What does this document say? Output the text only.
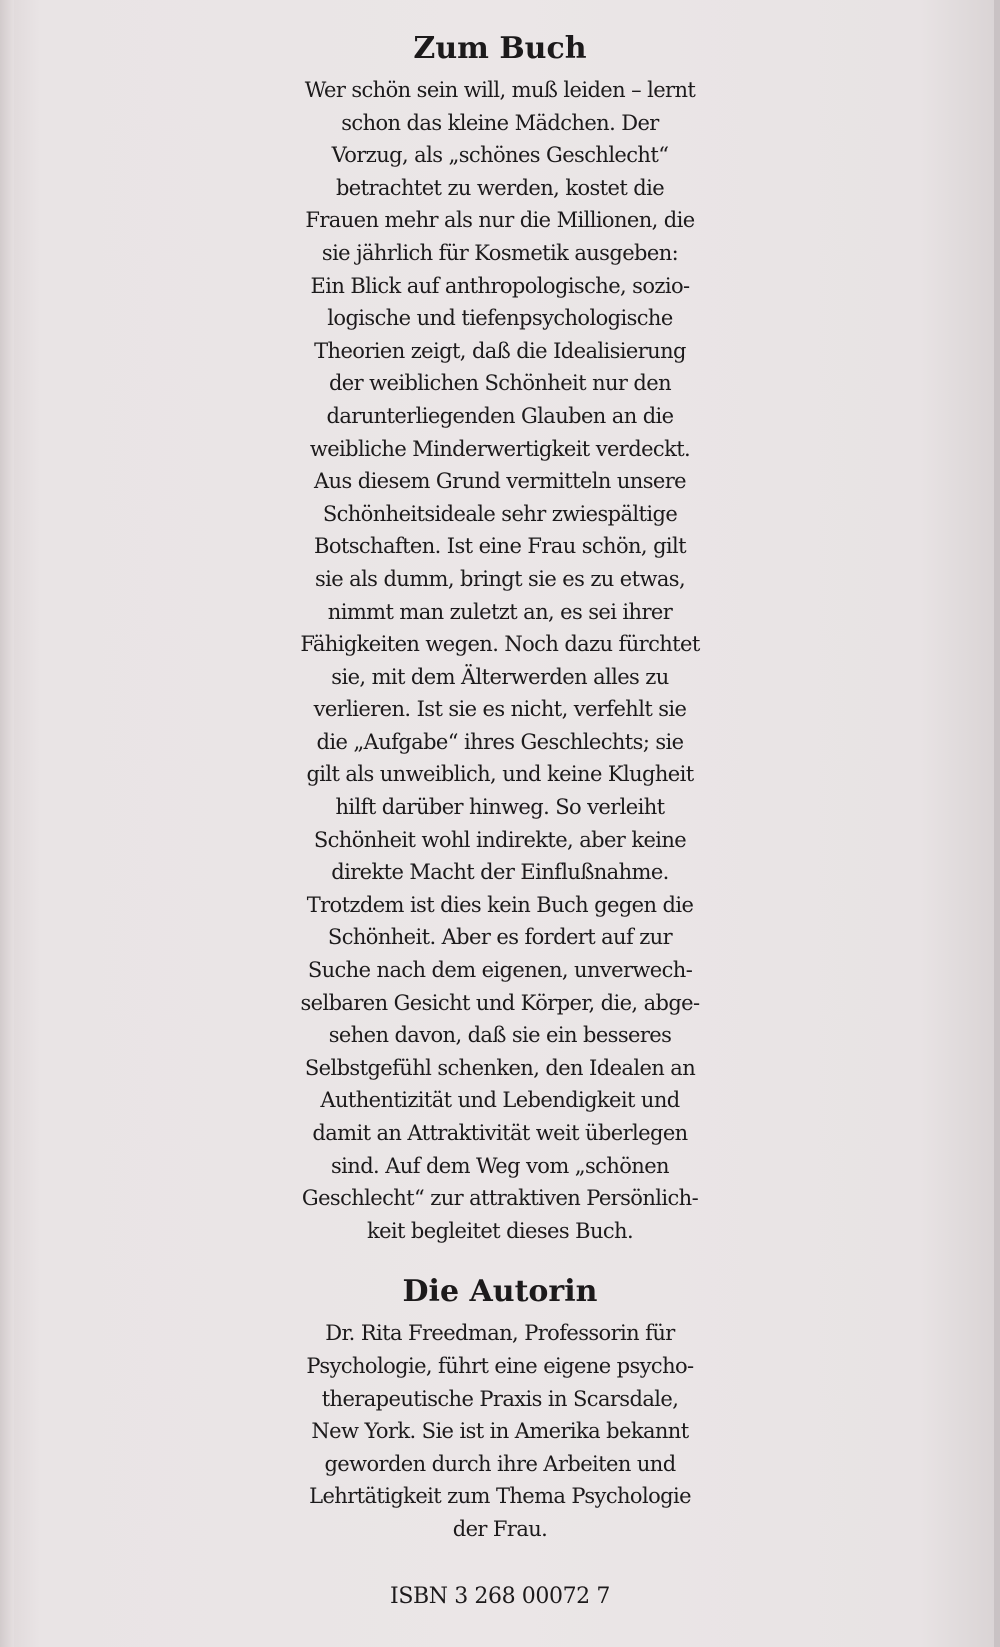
Zum Buch
Wer schön sein will, muß leiden – lernt
schon das kleine Mädchen. Der
Vorzug, als „schönes Geschlecht“
betrachtet zu werden, kostet die
Frauen mehr als nur die Millionen, die
sie jährlich für Kosmetik ausgeben:
Ein Blick auf anthropologische, sozio-
logische und tiefenpsychologische
Theorien zeigt, daß die Idealisierung
der weiblichen Schönheit nur den
darunterliegenden Glauben an die
weibliche Minderwertigkeit verdeckt.
Aus diesem Grund vermitteln unsere
Schönheitsideale sehr zwiespältige
Botschaften. Ist eine Frau schön, gilt
sie als dumm, bringt sie es zu etwas,
nimmt man zuletzt an, es sei ihrer
Fähigkeiten wegen. Noch dazu fürchtet
sie, mit dem Älterwerden alles zu
verlieren. Ist sie es nicht, verfehlt sie
die „Aufgabe“ ihres Geschlechts; sie
gilt als unweiblich, und keine Klugheit
hilft darüber hinweg. So verleiht
Schönheit wohl indirekte, aber keine
direkte Macht der Einflußnahme.
Trotzdem ist dies kein Buch gegen die
Schönheit. Aber es fordert auf zur
Suche nach dem eigenen, unverwech-
selbaren Gesicht und Körper, die, abge-
sehen davon, daß sie ein besseres
Selbstgefühl schenken, den Idealen an
Authentizität und Lebendigkeit und
damit an Attraktivität weit überlegen
sind. Auf dem Weg vom „schönen
Geschlecht“ zur attraktiven Persönlich-
keit begleitet dieses Buch.
Die Autorin
Dr. Rita Freedman, Professorin für
Psychologie, führt eine eigene psycho-
therapeutische Praxis in Scarsdale,
New York. Sie ist in Amerika bekannt
geworden durch ihre Arbeiten und
Lehrtätigkeit zum Thema Psychologie
der Frau.
ISBN 3 268 00072 7
